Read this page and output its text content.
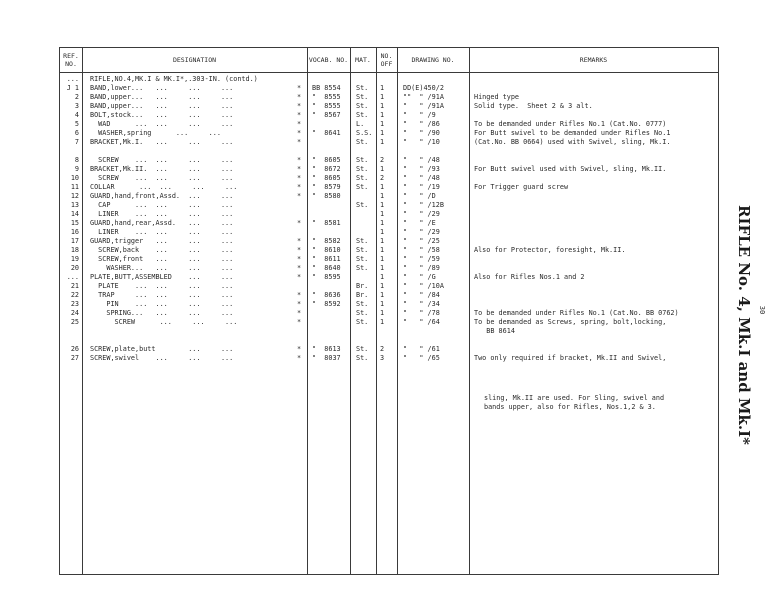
REF. NO.	DESIGNATION	VOCAB. NO.	MAT.	NO. OFF	DRAWING NO.	REMARKS
... RIFLE,NO.4,MK.I & MK.I*,.303-IN. (contd.)
J 1 BAND,lower...   ...     ...     ...	*	BB 8554 St. 1	DD(E)450/2
2 BAND,upper...   ...     ...     ...	*	"  8555 St. 1	""  " /91A	Hinged type
3 BAND,upper...   ...     ...     ...	*	"  8555 St. 1	"   " /91A	Solid type.  Sheet 2 & 3 alt.
4 BOLT,stock...   ...     ...     ...	*	"  8567 St. 1	"   " /9
5 WAD      ...  ...     ...     ...	*	L. 1	"   " /86	To be demanded under Rifles No.1 (Cat.No. 0777)
6 WASHER,spring      ...     ...	*	"  8641 S.S. 1	"   " /90	For Butt swivel to be demanded under Rifles No.1
7 BRACKET,Mk.I.   ...     ...     ...	*	St. 1	"   " /10	(Cat.No. BB 0664) used with Swivel, sling, Mk.I.
8 SCREW    ...  ...     ...     ...	*	"  8605 St. 2	"   " /48
9 BRACKET,Mk.II.  ...     ...     ...	*	"  8672 St. 1	"   " /93	For Butt swivel used with Swivel, sling, Mk.II.
10 SCREW    ...  ...     ...     ...	*	"  8605 St. 2	"   " /48
11 COLLAR      ...  ...     ...     ...	*	"  8579 St. 1	"   " /19	For Trigger guard screw
12 GUARD,hand,front,Assd.  ...     ...	*	"  8580	1	"   " /D
13 CAP      ...  ...     ...     ...	St. 1	"   " /12B
14 LINER    ...  ...     ...     ...	1	"   " /29
15 GUARD,hand,rear,Assd.   ...     ...	*	"  8581	1	"   " /E
16 LINER    ...  ...     ...     ...	1	"   " /29
17 GUARD,trigger   ...     ...     ...	*	"  8582 St. 1	"   " /25
18 SCREW,back    ...     ...     ...	*	"  8610 St. 1	"   " /58	Also for Protector, foresight, Mk.II.
19 SCREW,front   ...     ...     ...	*	"  8611 St. 1	"   " /59
20 WASHER...   ...     ...     ...	*	"  8640 St. 1	"   " /89
... PLATE,BUTT,ASSEMBLED    ...     ...	*	"  8595	1	"   " /G	Also for Rifles Nos.1 and 2
21 PLATE    ...  ...     ...     ...	Br. 1	"   " /10A
22 TRAP     ...  ...     ...     ...	*	"  8636 Br. 1	"   " /84
23 PIN    ...  ...     ...     ...	*	"  8592 St. 1	"   " /34
24 SPRING...   ...     ...     ...	*	St. 1	"   " /78	To be demanded under Rifles No.1 (Cat.No. BB 0762)
25 SCREW      ...     ...     ...	*	St. 1	"   " /64	To be demanded as Screws, spring, bolt,locking,
BB 8614
26 SCREW,plate,butt        ...     ...	*	"  8613 St. 2	"   " /61
27 SCREW,swivel    ...     ...     ...	*	"  8037 St. 3	"   " /65	Two only required if bracket, Mk.II and Swivel,
sling, Mk.II are used. For Sling, swivel and
bands upper, also for Rifles, Nos.1,2 & 3.	RIFLE No. 4, Mk.I and Mk.I* 30
